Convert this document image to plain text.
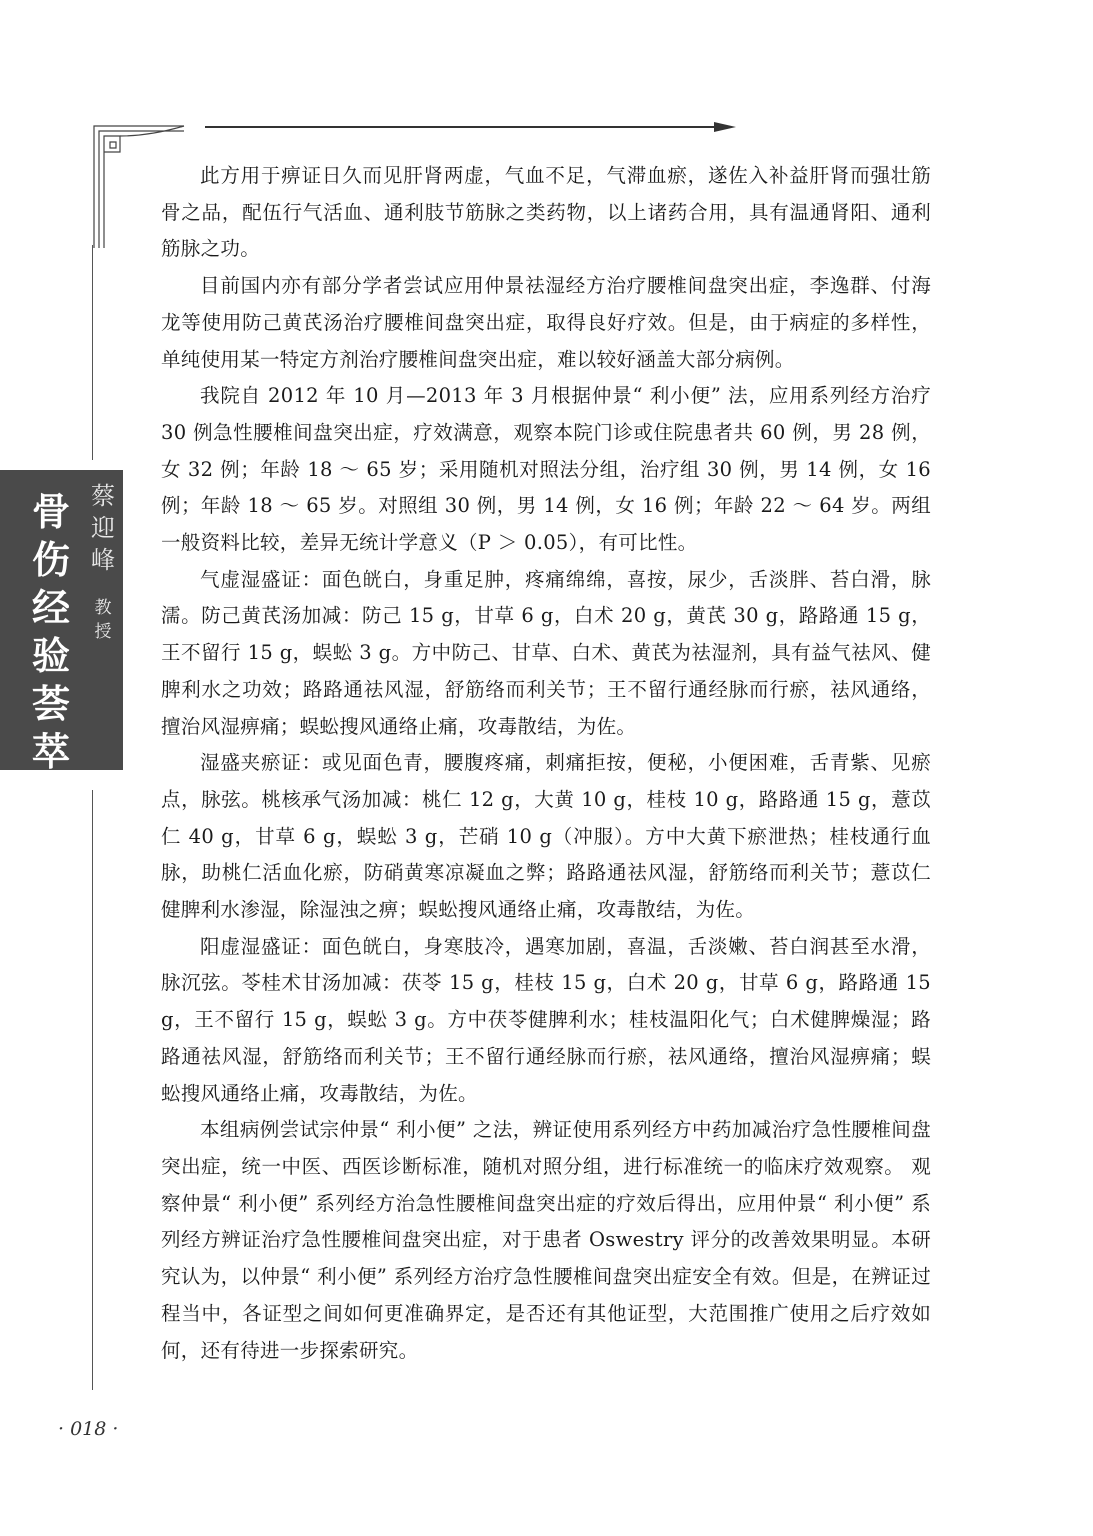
骨伤经验荟萃
蔡迎峰
教授

此方用于痹证日久而见肝肾两虚，气血不足，气滞血瘀，遂佐入补益肝肾而强壮筋骨之品，配伍行气活血、通利肢节筋脉之类药物，以上诸药合用，具有温通肾阳、通利筋脉之功。

目前国内亦有部分学者尝试应用仲景祛湿经方治疗腰椎间盘突出症，李逸群、付海龙等使用防己黄芪汤治疗腰椎间盘突出症，取得良好疗效。但是，由于病症的多样性，单纯使用某一特定方剂治疗腰椎间盘突出症，难以较好涵盖大部分病例。

我院自 2012 年 10 月—2013 年 3 月根据仲景“ 利小便” 法，应用系列经方治疗 30 例急性腰椎间盘突出症，疗效满意，观察本院门诊或住院患者共 60 例，男 28 例，女 32 例；年龄 18 ～ 65 岁；采用随机对照法分组，治疗组 30 例，男 14 例，女 16 例；年龄 18 ～ 65 岁。对照组 30 例，男 14 例，女 16 例；年龄 22 ～ 64 岁。两组一般资料比较，差异无统计学意义（P ＞ 0.05），有可比性。

气虚湿盛证：面色㿠白，身重足肿，疼痛绵绵，喜按，尿少，舌淡胖、苔白滑，脉濡。防己黄芪汤加减：防己 15 g，甘草 6 g，白术 20 g，黄芪 30 g，路路通 15 g，王不留行 15 g，蜈蚣 3 g。方中防己、甘草、白术、黄芪为祛湿剂，具有益气祛风、健脾利水之功效；路路通祛风湿，舒筋络而利关节；王不留行通经脉而行瘀，祛风通络，擅治风湿痹痛；蜈蚣搜风通络止痛，攻毒散结，为佐。

湿盛夹瘀证：或见面色青，腰腹疼痛，刺痛拒按，便秘，小便困难，舌青紫、见瘀点，脉弦。桃核承气汤加减：桃仁 12 g，大黄 10 g，桂枝 10 g，路路通 15 g，薏苡仁 40 g，甘草 6 g，蜈蚣 3 g，芒硝 10 g（冲服）。方中大黄下瘀泄热；桂枝通行血脉，助桃仁活血化瘀，防硝黄寒凉凝血之弊；路路通祛风湿，舒筋络而利关节；薏苡仁健脾利水渗湿，除湿浊之痹；蜈蚣搜风通络止痛，攻毒散结，为佐。

阳虚湿盛证：面色㿠白，身寒肢冷，遇寒加剧，喜温，舌淡嫩、苔白润甚至水滑，脉沉弦。苓桂术甘汤加减：茯苓 15 g，桂枝 15 g，白术 20 g，甘草 6 g，路路通 15 g，王不留行 15 g，蜈蚣 3 g。方中茯苓健脾利水；桂枝温阳化气；白术健脾燥湿；路路通祛风湿，舒筋络而利关节；王不留行通经脉而行瘀，祛风通络，擅治风湿痹痛；蜈蚣搜风通络止痛，攻毒散结，为佐。

本组病例尝试宗仲景“ 利小便” 之法，辨证使用系列经方中药加减治疗急性腰椎间盘突出症，统一中医、西医诊断标准，随机对照分组，进行标准统一的临床疗效观察。 观察仲景“ 利小便” 系列经方治急性腰椎间盘突出症的疗效后得出，应用仲景“ 利小便” 系列经方辨证治疗急性腰椎间盘突出症，对于患者 Oswestry 评分的改善效果明显。本研究认为，以仲景“ 利小便” 系列经方治疗急性腰椎间盘突出症安全有效。但是，在辨证过程当中，各证型之间如何更准确界定，是否还有其他证型，大范围推广使用之后疗效如何，还有待进一步探索研究。

· 018 ·
